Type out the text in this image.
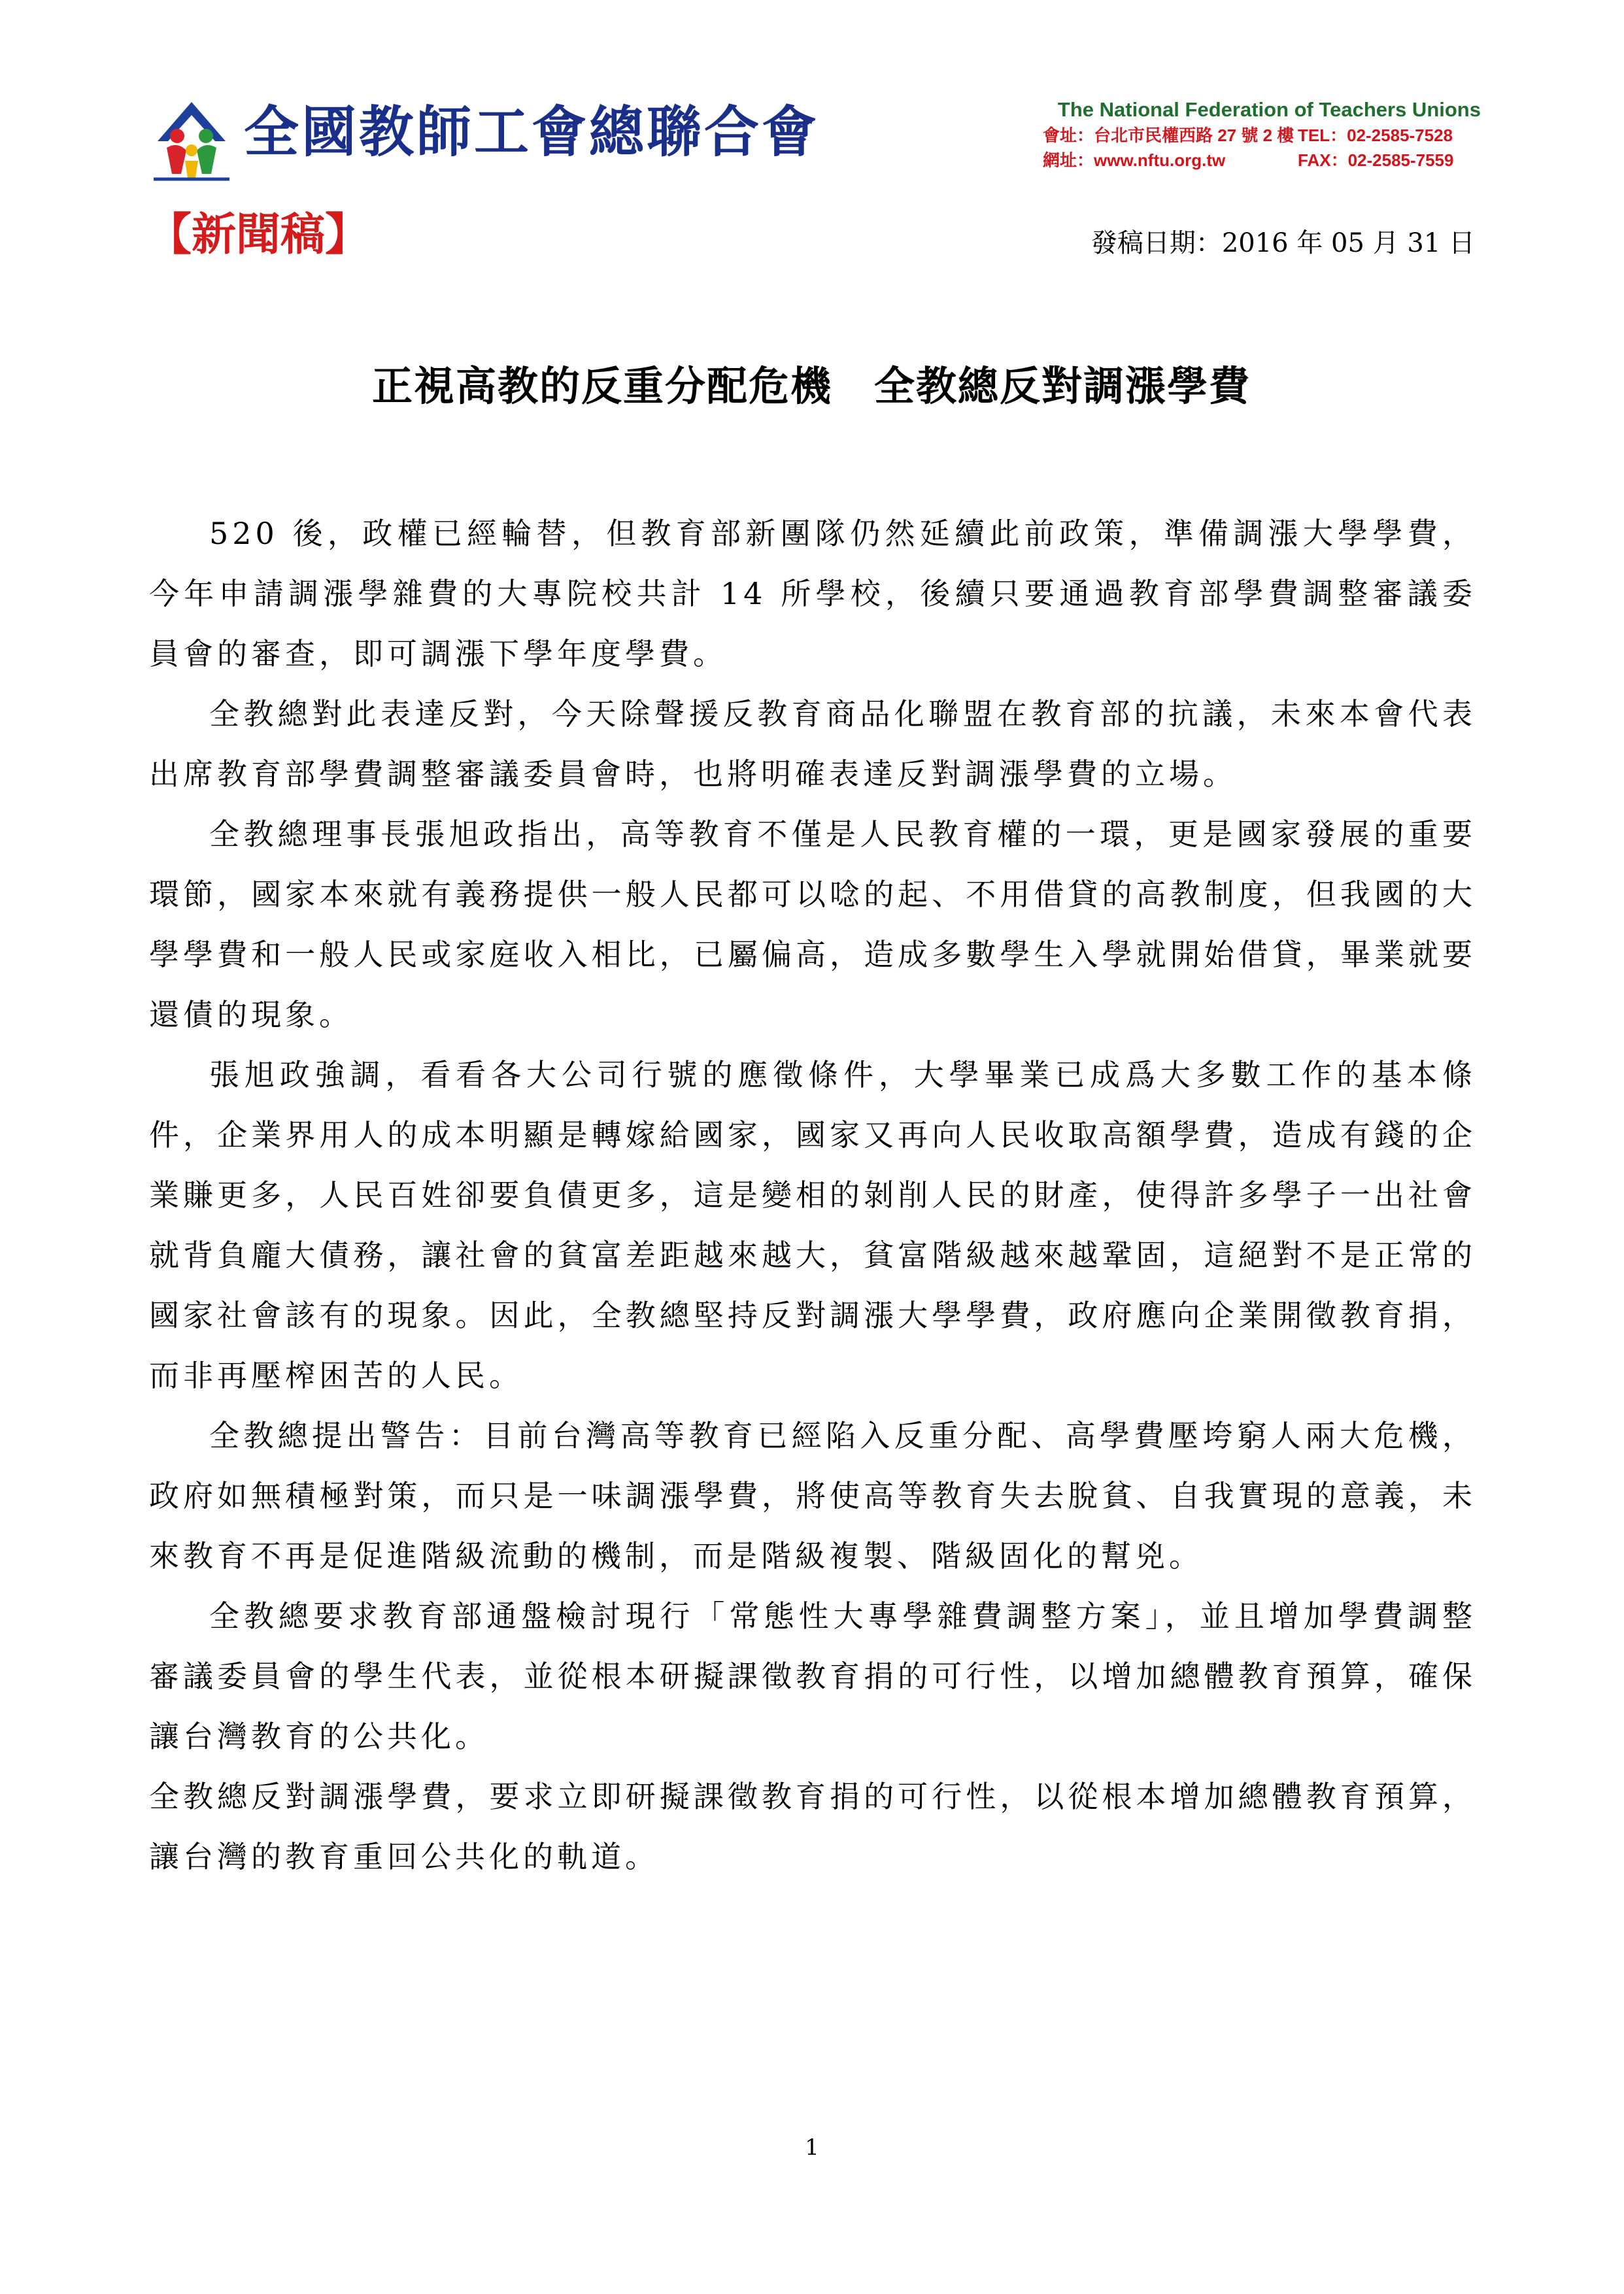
全國教師工會總聯合會	The National Federation of Teachers Unions
會址：台北市民權西路 27 號 2 樓 TEL：02-2585-7528
網址：www.nftu.org.tw	FAX：02-2585-7559
【新聞稿】	發稿日期：2016 年 05 月 31 日
正視高教的反重分配危機　全教總反對調漲學費

520 後，政權已經輪替，但教育部新團隊仍然延續此前政策，準備調漲大學學費，今年申請調漲學雜費的大專院校共計 14 所學校，後續只要通過教育部學費調整審議委員會的審查，即可調漲下學年度學費。

全教總對此表達反對，今天除聲援反教育商品化聯盟在教育部的抗議，未來本會代表出席教育部學費調整審議委員會時，也將明確表達反對調漲學費的立場。

全教總理事長張旭政指出，高等教育不僅是人民教育權的一環，更是國家發展的重要環節，國家本來就有義務提供一般人民都可以唸的起、不用借貸的高教制度，但我國的大學學費和一般人民或家庭收入相比，已屬偏高，造成多數學生入學就開始借貸，畢業就要還債的現象。

張旭政強調，看看各大公司行號的應徵條件，大學畢業已成爲大多數工作的基本條件，企業界用人的成本明顯是轉嫁給國家，國家又再向人民收取高額學費，造成有錢的企業賺更多，人民百姓卻要負債更多，這是變相的剝削人民的財產，使得許多學子一出社會就背負龐大債務，讓社會的貧富差距越來越大，貧富階級越來越鞏固，這絕對不是正常的國家社會該有的現象。因此，全教總堅持反對調漲大學學費，政府應向企業開徵教育捐，而非再壓榨困苦的人民。

全教總提出警告：目前台灣高等教育已經陷入反重分配、高學費壓垮窮人兩大危機，政府如無積極對策，而只是一味調漲學費，將使高等教育失去脫貧、自我實現的意義，未來教育不再是促進階級流動的機制，而是階級複製、階級固化的幫兇。

全教總要求教育部通盤檢討現行「常態性大專學雜費調整方案」，並且增加學費調整審議委員會的學生代表，並從根本研擬課徵教育捐的可行性，以增加總體教育預算，確保讓台灣教育的公共化。

全教總反對調漲學費，要求立即研擬課徵教育捐的可行性，以從根本增加總體教育預算，讓台灣的教育重回公共化的軌道。

1
